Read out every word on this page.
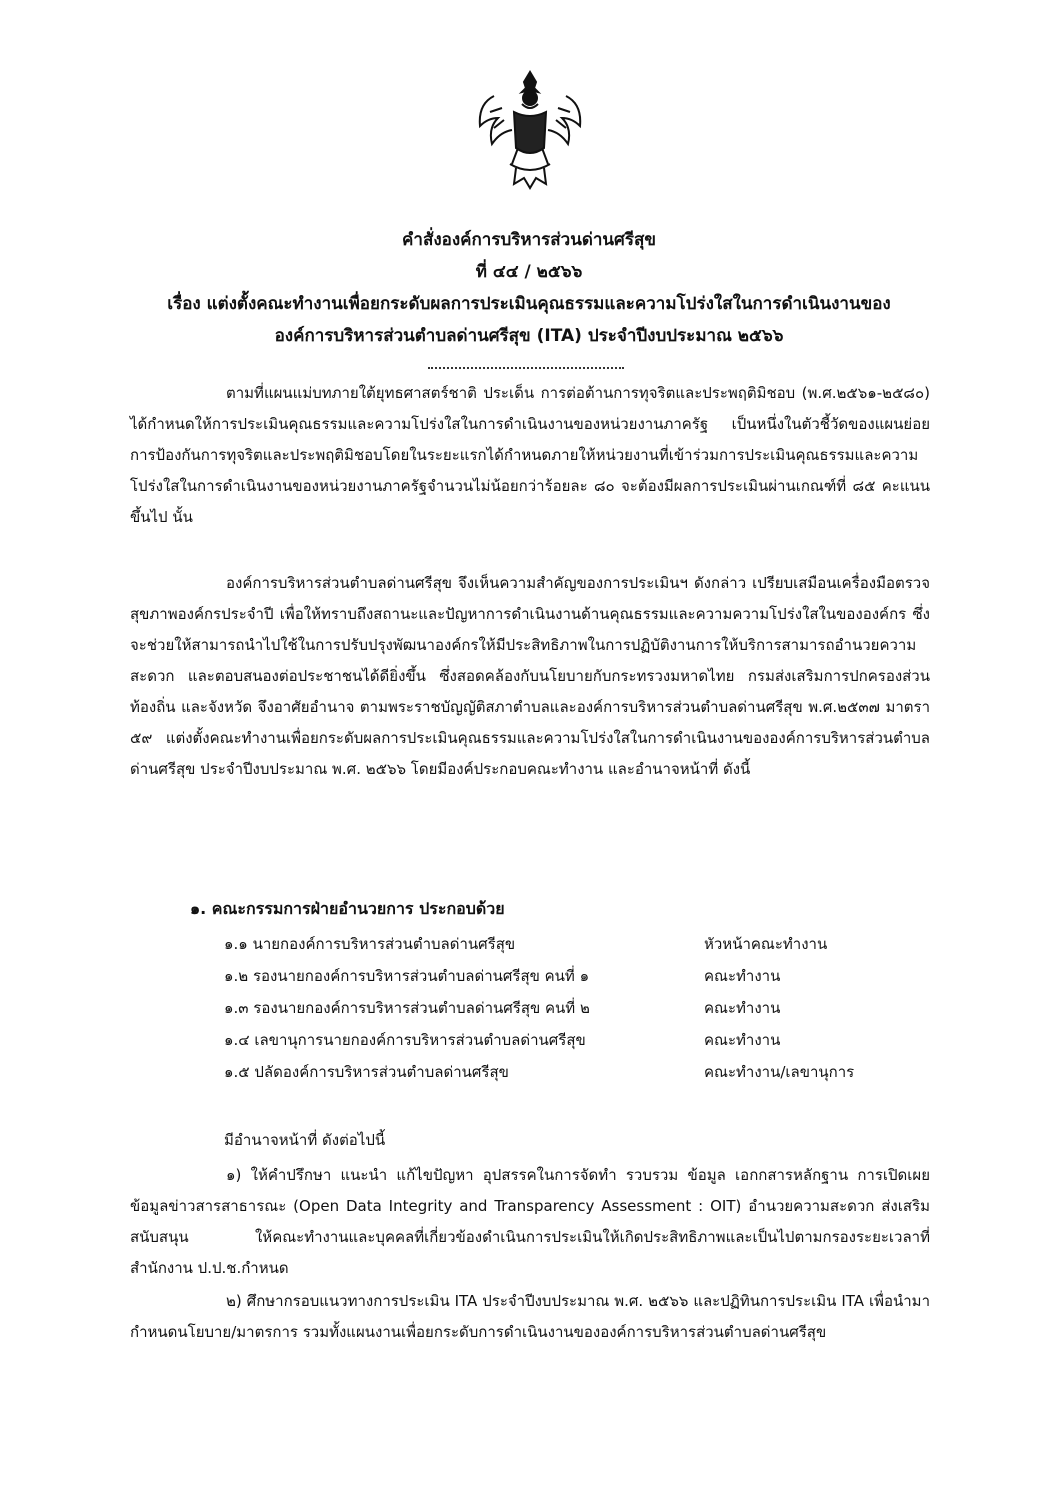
คำสั่งองค์การบริหารส่วนด่านศรีสุข
ที่ ๔๔ / ๒๕๖๖
เรื่อง แต่งตั้งคณะทำงานเพื่อยกระดับผลการประเมินคุณธรรมและความโปร่งใสในการดำเนินงานของ
องค์การบริหารส่วนตำบลด่านศรีสุข (ITA) ประจำปีงบประมาณ ๒๕๖๖

ตามที่แผนแม่บทภายใต้ยุทธศาสตร์ชาติ ประเด็น การต่อต้านการทุจริตและประพฤติมิชอบ (พ.ศ.๒๕๖๑-๒๕๘๐) ได้กำหนดให้การประเมินคุณธรรมและความโปร่งใสในการดำเนินงานของหน่วยงานภาครัฐ เป็นหนึ่งในตัวชี้วัดของแผนย่อยการป้องกันการทุจริตและประพฤติมิชอบโดยในระยะแรกได้กำหนดภายให้หน่วยงานที่เข้าร่วมการประเมินคุณธรรมและความโปร่งใสในการดำเนินงานของหน่วยงานภาครัฐจำนวนไม่น้อยกว่าร้อยละ ๘๐ จะต้องมีผลการประเมินผ่านเกณฑ์ที่ ๘๕ คะแนนขึ้นไป นั้น

องค์การบริหารส่วนตำบลด่านศรีสุข จึงเห็นความสำคัญของการประเมินฯ ดังกล่าว เปรียบเสมือนเครื่องมือตรวจสุขภาพองค์กรประจำปี เพื่อให้ทราบถึงสถานะและปัญหาการดำเนินงานด้านคุณธรรมและความความโปร่งใสในขององค์กร ซึ่งจะช่วยให้สามารถนำไปใช้ในการปรับปรุงพัฒนาองค์กรให้มีประสิทธิภาพในการปฏิบัติงานการให้บริการสามารถอำนวยความสะดวก และตอบสนองต่อประชาชนได้ดียิ่งขึ้น ซึ่งสอดคล้องกับนโยบายกับกระทรวงมหาดไทย กรมส่งเสริมการปกครองส่วนท้องถิ่น และจังหวัด จึงอาศัยอำนาจ ตามพระราชบัญญัติสภาตำบลและองค์การบริหารส่วนตำบลด่านศรีสุข พ.ศ.๒๕๓๗ มาตรา ๕๙ แต่งตั้งคณะทำงานเพื่อยกระดับผลการประเมินคุณธรรมและความโปร่งใสในการดำเนินงานขององค์การบริหารส่วนตำบลด่านศรีสุข ประจำปีงบประมาณ พ.ศ. ๒๕๖๖ โดยมีองค์ประกอบคณะทำงาน และอำนาจหน้าที่ ดังนี้

๑. คณะกรรมการฝ่ายอำนวยการ ประกอบด้วย
๑.๑ นายกองค์การบริหารส่วนตำบลด่านศรีสุข	หัวหน้าคณะทำงาน
๑.๒ รองนายกองค์การบริหารส่วนตำบลด่านศรีสุข คนที่ ๑	คณะทำงาน
๑.๓ รองนายกองค์การบริหารส่วนตำบลด่านศรีสุข คนที่ ๒	คณะทำงาน
๑.๔ เลขานุการนายกองค์การบริหารส่วนตำบลด่านศรีสุข	คณะทำงาน
๑.๕ ปลัดองค์การบริหารส่วนตำบลด่านศรีสุข	คณะทำงาน/เลขานุการ
มีอำนาจหน้าที่ ดังต่อไปนี้

๑) ให้คำปรึกษา แนะนำ แก้ไขปัญหา อุปสรรคในการจัดทำ รวบรวม ข้อมูล เอกกสารหลักฐาน การเปิดเผยข้อมูลข่าวสารสาธารณะ (Open Data Integrity and Transparency Assessment : OIT) อำนวยความสะดวก ส่งเสริม สนับสนุน ให้คณะทำงานและบุคคลที่เกี่ยวข้องดำเนินการประเมินให้เกิดประสิทธิภาพและเป็นไปตามกรองระยะเวลาที่สำนักงาน ป.ป.ช.กำหนด

๒) ศึกษากรอบแนวทางการประเมิน ITA ประจำปีงบประมาณ พ.ศ. ๒๕๖๖ และปฏิทินการประเมิน ITA เพื่อนำมากำหนดนโยบาย/มาตรการ รวมทั้งแผนงานเพื่อยกระดับการดำเนินงานขององค์การบริหารส่วนตำบลด่านศรีสุข
